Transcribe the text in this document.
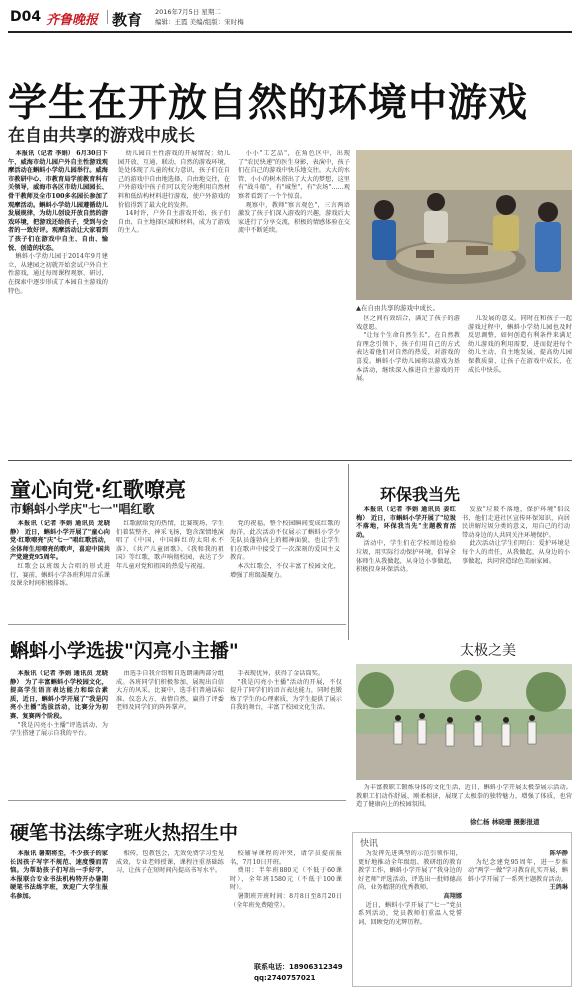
D04 齐鲁晚报 教育 2016年7月5日 星期二
编辑：王霞 美编/组版：宋时梅
学生在开放自然的环境中游戏
在自由共享的游戏中成长

本报讯（记者 李娟） 6月30日下午，威海市幼儿园户外自主性游戏观摩活动在蝌蚪小学幼儿园举行。威海市教研中心、市教育局学前教育科有关领导，威海市各区市幼儿园园长、骨干教师及全市100多名园长参加了观摩活动。蝌蚪小学幼儿园遵循幼儿发展规律，为幼儿创设开放自然的游戏环境，把游戏还给孩子，受到与会者的一致好评。观摩活动让大家看到了孩子们在游戏中自主、自由、愉悦、创造的状态。

蝌蚪小学幼儿园于2014年9月建立，从建园之初就开始尝试户外自主性游戏，通过每周课程观察、研讨，在探索中逐步形成了本园自主游戏的特色。

幼儿园自主性游戏的开展情况：幼儿园开放、互通、联动，自然的游戏环境，处处体现了儿童的权力意识，孩子们在自己的游戏中自由地选择、自由地交往，在户外游戏中孩子们可以充分地利用自然材料和低结构材料进行游戏，使户外游戏的价值得到了最大化的发挥。

14时许，户外自主游戏开始，孩子们自由、自主地择区域和材料，成为了游戏的主人。

小小"工艺品"，在角色区中，出现了"农民快递"的医生身影，表演中，孩子们在自己的游戏中快乐地交往。大大的水管、小小的树木搭出了大大的梦想，这里有"战斗船"，有"城堡"，有"农场"……观察者看到了一个个惊喜。

观察中，教师"察言观色"，三言两语激发了孩子们深入游戏的兴趣，游戏后大家进行了分享交流，积极的情感体验在交流中不断延续。

▲在自由共享的游戏中成长。

区之间有效结合，满足了孩子的游戏意愿。

"让每个生命自然生长"，在自然教育理念引领下，孩子们用自己的方式表达着他们对自然的热爱，对游戏的喜爱。蝌蚪小学幼儿园将以游戏为基本活动，继续深入推进自主游戏的开展。

儿发展的意义。同时在和孩子一起游戏过程中，蝌蚪小学幼儿园也及时反思调整，如何创造有利条件来满足幼儿游戏的利用需要，进而促进每个幼儿主动、自主地发展，提高幼儿园保教质量，让孩子在游戏中成长，在成长中快乐。

童心向党·红歌嘹亮
市蝌蚪小学庆"七一"唱红歌

本报讯（记者 李娟 通讯员 龙晓静） 近日，蝌蚪小学开展了"童心向党·红歌嘹亮"庆"七一"唱红歌活动，全体师生用嘹亮的歌声，喜迎中国共产党建党95周年。

红歌会以班级大合唱的形式进行，赛前，蝌蚪小学各班利用音乐课及课余时间积极排练。

红歌献给党的热情，比赛现场，学生们着装整齐、神采飞扬，饱含深情地演唱了《中国，中国鲜红的太阳永不落》、《共产儿童团歌》、《我和我的祖国》等红歌，歌声响彻校园，表达了少年儿童对党和祖国的热爱与祝福。

党的祝福，整个校园瞬间变成红歌的海洋，此次活动不仅展示了蝌蚪小学少先队员蓬勃向上的精神面貌，也让学生们在歌声中接受了一次深刻的爱国主义教育。

本次红歌会，不仅丰富了校园文化，增强了班级凝聚力。

环保我当先

本报讯（记者 李娟 通讯员 姜红梅） 近日，市蝌蚪小学开展了"垃圾不落地，环保我当先"主题教育活动。

活动中，学生们在学校周边捡拾垃圾，用实际行动保护环境，倡导全体师生从我做起，从身边小事做起，积极投身环保活动。

发放"垃圾不落地，保护环境"倡议书，他们走进社区宣传环保知识，向居民讲解垃圾分类的意义，用自己的行动带动身边的人共同关注环境保护。

此次活动让学生们明白：爱护环境是每个人的责任，从我做起，从身边的小事做起，共同营造绿色美丽家园。

蝌蚪小学选拔"闪亮小主播"

本报讯（记者 李娟 通讯员 龙晓静） 为了丰富蝌蚪小学校园文化，提高学生语言表达能力和综合素质，近日，蝌蚪小学开展了"我是闪亮小主播"选拔活动，比赛分为初赛、复赛两个阶段。

"我是闪亮小主播"评选活动，为学生搭建了展示自我的平台。

由选手自我介绍和自选朗诵两部分组成。各班同学们积极参加，展现出自信大方的风采。比赛中，选手们普通话标准、仪态大方、表情自然，赢得了评委老师及同学们的阵阵掌声。

手表现优异，获得了金话筒奖。

"我是闪亮小主播"活动的开展，不仅提升了同学们的语言表达能力，同时也锻炼了学生的心理素质，为学生提供了展示自我的舞台，丰富了校园文化生活。

太极之美

为丰富教职工锻炼身体的文化生活，近日，蝌蚪小学开展太极拳展示活动。教职工们动作舒展、刚柔相济，展现了太极拳的独特魅力，增强了体质，也营造了健康向上的校园氛围。

徐仁杨 林晓珊 摄影报道
硬笔书法练字班火热招生中

本报讯 暑期将至，不少孩子的家长因孩子写字不规范、速度慢而苦恼。为帮助孩子们写出一手好字，本报联合专业书法机构特开办暑期硬笔书法练字班，欢迎广大学生报名参加。

相传，包教包会，无效免费学习至见成效，专业老师授课，课程注重基础练习，让孩子在短时间内提高书写水平。

校辅导课程的冲突，请学员提前报名，7月10日开班。

费用：半年班880元（不低于60课时），全年班1580元（不低于100课时）。

暑期班开班时间：8月8日至8月20日（全年班免费随堂）。

联系电话：18906312349
qq:2740757021
快讯

为发挥先进典型的示范引领作用，更好地推动全年级组、教研组的教育教学工作，蝌蚪小学开展了"我身边的好老师"评选活动，评选出一批师德高尚、业务精湛的优秀教师。

高翔娜

近日，蝌蚪小学开展了"七一"党员系列活动，党员教师们重温入党誓词，回顾党的光辉历程。

陈华静

为纪念建党95周年，进一步推动"两学一做"学习教育扎实开展，蝌蚪小学开展了一系列主题教育活动。

王鸽琳
